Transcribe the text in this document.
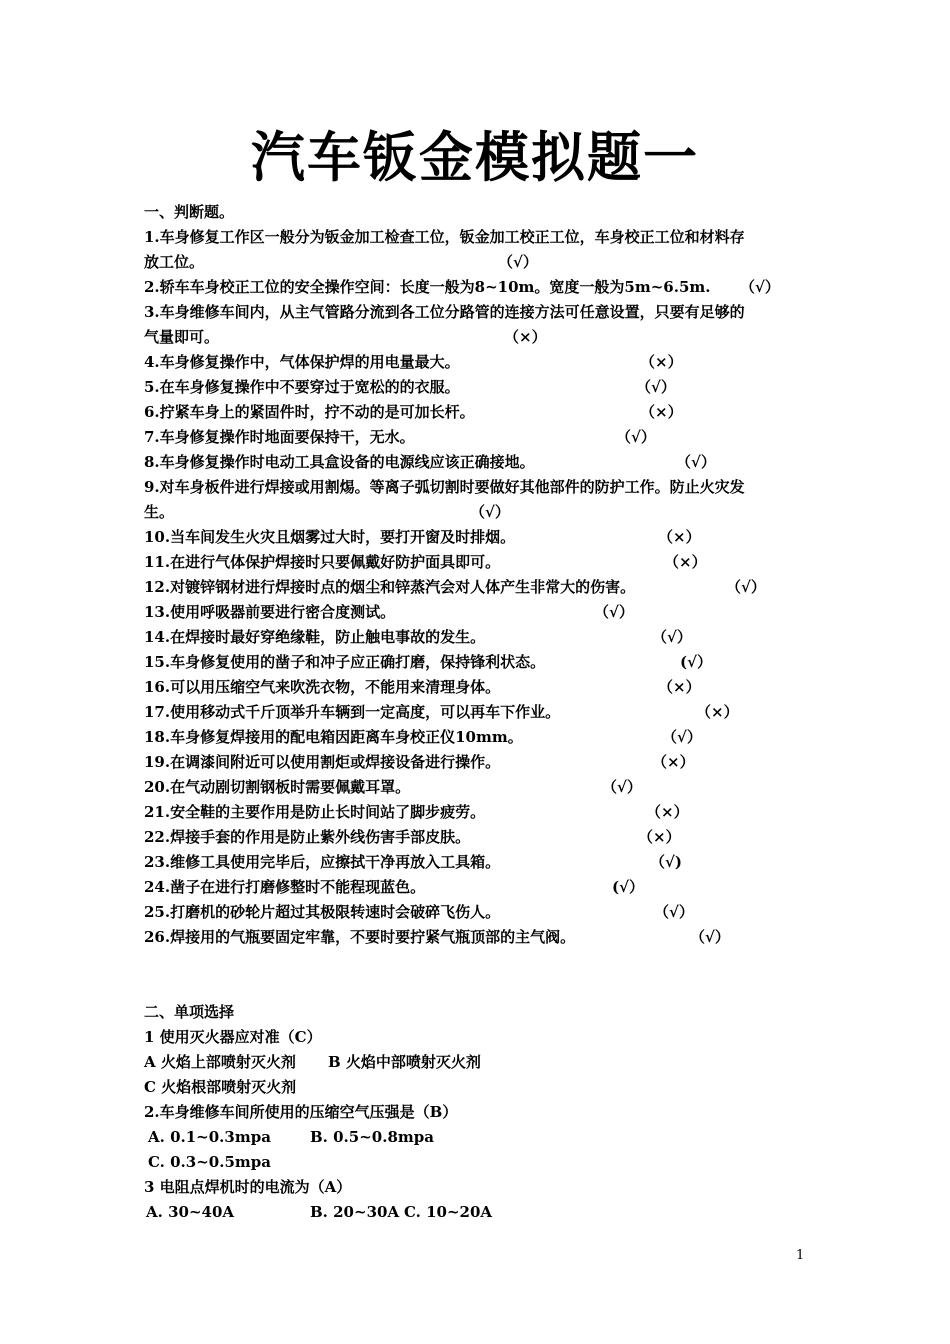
汽车钣金模拟题一
一、判断题。
1.车身修复工作区一般分为钣金加工检查工位，钣金加工校正工位，车身校正工位和材料存
放工位。	（√）
2.轿车车身校正工位的安全操作空间：长度一般为8~10m。宽度一般为5m~6.5m. （√）
3.车身维修车间内，从主气管路分流到各工位分路管的连接方法可任意设置，只要有足够的
气量即可。	（×）
4.车身修复操作中，气体保护焊的用电量最大。	（×）
5.在车身修复操作中不要穿过于宽松的的衣服。	（√）
6.拧紧车身上的紧固件时，拧不动的是可加长杆。	（×）
7.车身修复操作时地面要保持干，无水。	（√）
8.车身修复操作时电动工具盒设备的电源线应该正确接地。	（√）
9.对车身板件进行焊接或用割焬。等离子弧切割时要做好其他部件的防护工作。防止火灾发
生。	（√）
10.当车间发生火灾且烟雾过大时，要打开窗及时排烟。	（×）
11.在进行气体保护焊接时只要佩戴好防护面具即可。	（×）
12.对镀锌钢材进行焊接时点的烟尘和锌蒸汽会对人体产生非常大的伤害。	（√）
13.使用呼吸器前要进行密合度测试。	（√）
14.在焊接时最好穿绝缘鞋，防止触电事故的发生。	（√）
15.车身修复使用的凿子和冲子应正确打磨，保持锋利状态。	(√）
16.可以用压缩空气来吹洗衣物，不能用来清理身体。	（×）
17.使用移动式千斤顶举升车辆到一定高度，可以再车下作业。	（×）
18.车身修复焊接用的配电箱因距离车身校正仪10mm。	（√）
19.在调漆间附近可以使用割炬或焊接设备进行操作。	（×）
20.在气动剧切割钢板时需要佩戴耳罩。	（√）
21.安全鞋的主要作用是防止长时间站了脚步疲劳。	（×）
22.焊接手套的作用是防止紫外线伤害手部皮肤。	（×）
23.维修工具使用完毕后，应擦拭干净再放入工具箱。	（√)
24.凿子在进行打磨修整时不能程现蓝色。	(√）
25.打磨机的砂轮片超过其极限转速时会破碎飞伤人。	（√）
26.焊接用的气瓶要固定牢靠，不要时要拧紧气瓶顶部的主气阀。	（√）
二、单项选择
1 使用灭火器应对准（C）
A 火焰上部喷射灭火剂 B 火焰中部喷射灭火剂
C 火焰根部喷射灭火剂
2.车身维修车间所使用的压缩空气压强是（B）
A. 0.1~0.3mpa	B. 0.5~0.8mpa
C. 0.3~0.5mpa
3 电阻点焊机时的电流为（A）
A. 30~40A	B. 20~30A C. 10~20A
1
